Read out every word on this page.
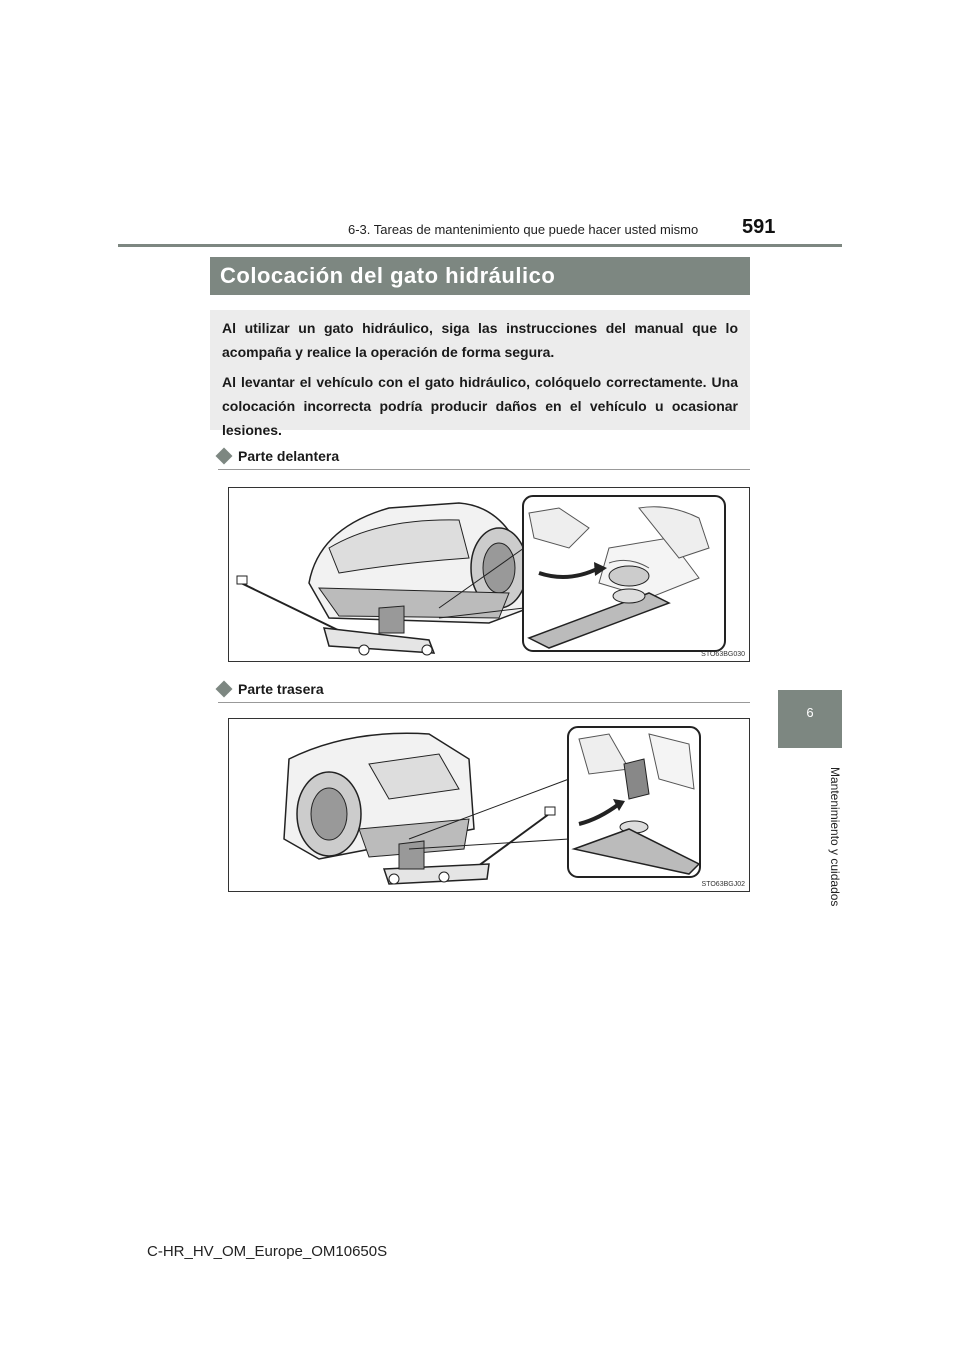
6-3. Tareas de mantenimiento que puede hacer usted mismo 591
6
Mantenimiento y cuidados
Colocación del gato hidráulico

Al utilizar un gato hidráulico, siga las instrucciones del manual que lo acompaña y realice la operación de forma segura.

Al levantar el vehículo con el gato hidráulico, colóquelo correctamente. Una colocación incorrecta podría producir daños en el vehículo u ocasionar lesiones.

Parte delantera
STO63BG030
Parte trasera
STO63BGJ02
C-HR_HV_OM_Europe_OM10650S
